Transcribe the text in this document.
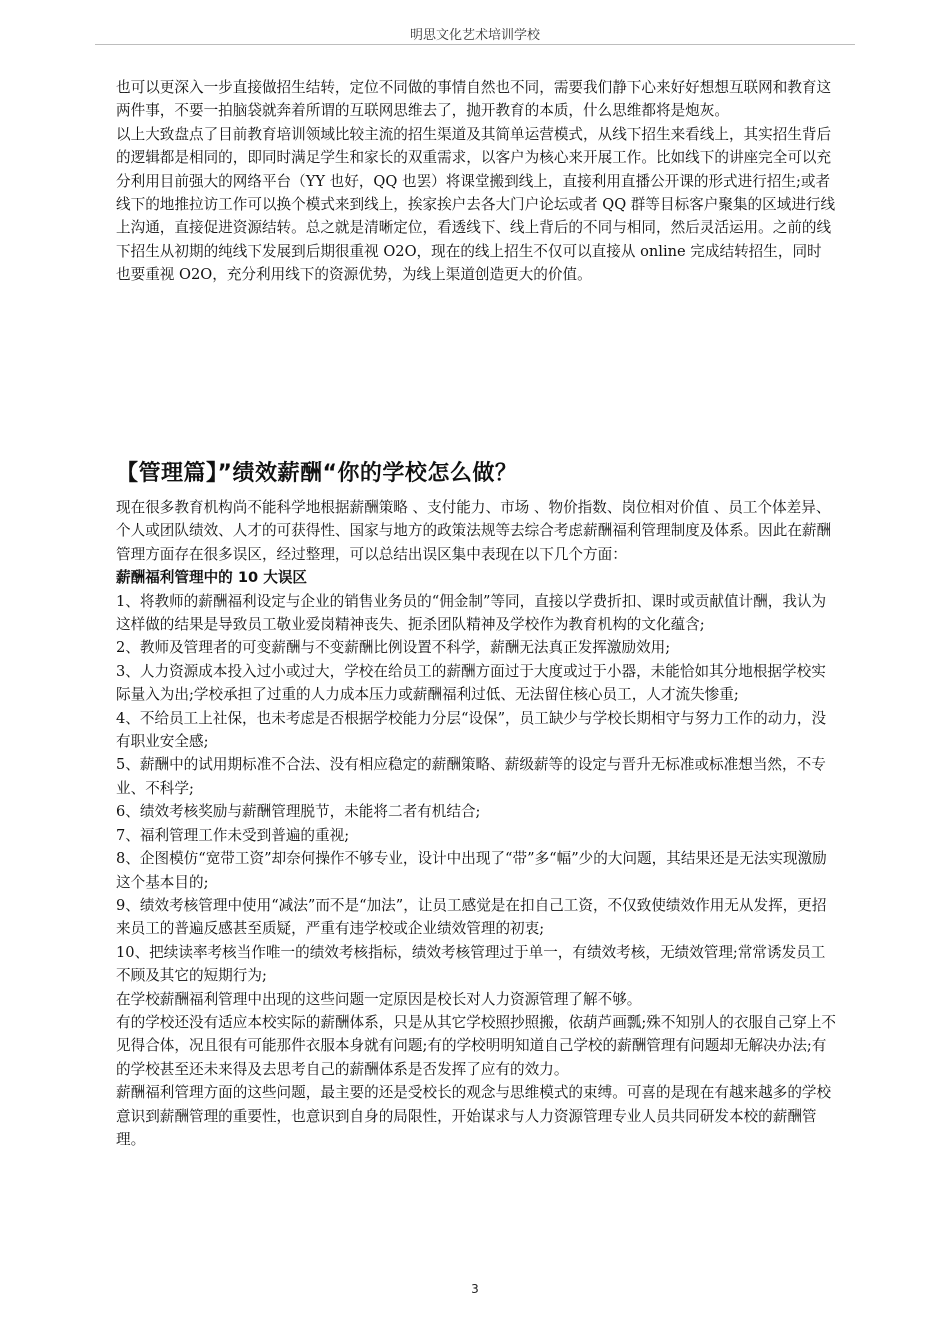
明思文化艺术培训学校

也可以更深入一步直接做招生结转，定位不同做的事情自然也不同，需要我们静下心来好好想想互联网和教育这两件事，不要一拍脑袋就奔着所谓的互联网思维去了，抛开教育的本质，什么思维都将是炮灰。

以上大致盘点了目前教育培训领域比较主流的招生渠道及其简单运营模式，从线下招生来看线上，其实招生背后的逻辑都是相同的，即同时满足学生和家长的双重需求，以客户为核心来开展工作。比如线下的讲座完全可以充分利用目前强大的网络平台（YY 也好，QQ 也罢）将课堂搬到线上，直接利用直播公开课的形式进行招生;或者线下的地推拉访工作可以换个模式来到线上，挨家挨户去各大门户论坛或者 QQ 群等目标客户聚集的区域进行线上沟通，直接促进资源结转。总之就是清晰定位，看透线下、线上背后的不同与相同，然后灵活运用。之前的线下招生从初期的纯线下发展到后期很重视 O2O，现在的线上招生不仅可以直接从 online 完成结转招生，同时也要重视 O2O，充分利用线下的资源优势，为线上渠道创造更大的价值。

【管理篇】”绩效薪酬“你的学校怎么做？

现在很多教育机构尚不能科学地根据薪酬策略 、支付能力、市场 、物价指数、岗位相对价值 、员工个体差异、个人或团队绩效、人才的可获得性、国家与地方的政策法规等去综合考虑薪酬福利管理制度及体系。因此在薪酬管理方面存在很多误区，经过整理，可以总结出误区集中表现在以下几个方面：

薪酬福利管理中的 10 大误区

1、将教师的薪酬福利设定与企业的销售业务员的“佣金制”等同，直接以学费折扣、课时或贡献值计酬，我认为这样做的结果是导致员工敬业爱岗精神丧失、扼杀团队精神及学校作为教育机构的文化蕴含;

2、教师及管理者的可变薪酬与不变薪酬比例设置不科学，薪酬无法真正发挥激励效用;

3、人力资源成本投入过小或过大，学校在给员工的薪酬方面过于大度或过于小器，未能恰如其分地根据学校实际量入为出;学校承担了过重的人力成本压力或薪酬福利过低、无法留住核心员工，人才流失惨重;

4、不给员工上社保，也未考虑是否根据学校能力分层“设保”，员工缺少与学校长期相守与努力工作的动力，没有职业安全感;

5、薪酬中的试用期标准不合法、没有相应稳定的薪酬策略、薪级薪等的设定与晋升无标准或标准想当然，不专业、不科学;

6、绩效考核奖励与薪酬管理脱节，未能将二者有机结合;

7、福利管理工作未受到普遍的重视;

8、企图模仿“宽带工资”却奈何操作不够专业，设计中出现了“带”多“幅”少的大问题，其结果还是无法实现激励这个基本目的;

9、绩效考核管理中使用“减法”而不是“加法”，让员工感觉是在扣自己工资，不仅致使绩效作用无从发挥，更招来员工的普遍反感甚至质疑，严重有违学校或企业绩效管理的初衷;

10、把续读率考核当作唯一的绩效考核指标，绩效考核管理过于单一，有绩效考核，无绩效管理;常常诱发员工不顾及其它的短期行为;

在学校薪酬福利管理中出现的这些问题一定原因是校长对人力资源管理了解不够。

有的学校还没有适应本校实际的薪酬体系，只是从其它学校照抄照搬，依葫芦画瓢;殊不知别人的衣服自己穿上不见得合体，况且很有可能那件衣服本身就有问题;有的学校明明知道自己学校的薪酬管理有问题却无解决办法;有的学校甚至还未来得及去思考自己的薪酬体系是否发挥了应有的效力。

薪酬福利管理方面的这些问题，最主要的还是受校长的观念与思维模式的束缚。可喜的是现在有越来越多的学校意识到薪酬管理的重要性，也意识到自身的局限性，开始谋求与人力资源管理专业人员共同研发本校的薪酬管理。

3
